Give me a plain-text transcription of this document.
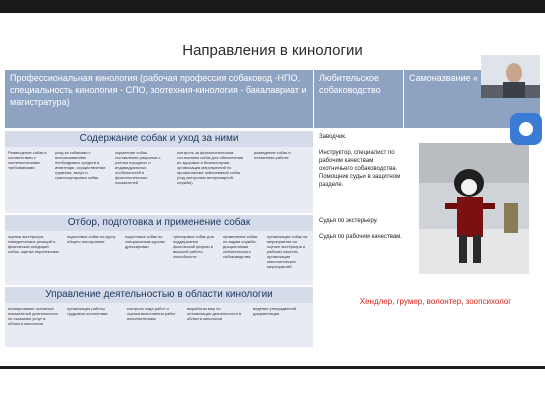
Направления в кинологии
Профессиональная кинология (рабочая профессия собаковод -НПО, специальность кинология - СПО, зоотехния-кинология - бакалавриат и магистратура)
Любительское собаководство
Самоназвание «
Содержание собак и уход за ними
Размещение собак в соответствии с зоотехническими требованиями
уход за собаками с использованием необходимых средств и инвентаря, осуществлении груминга, выгул и транспортировка собак
кормление собак, составление рационов с учетом породных и индивидуальных особенностей и физиологических показателей
контроль за физиологическим состоянием собак для обеспечения их здоровья и благополучия, организация мероприятий по профилактике заболеваний собак (под контролем ветеринарной службы)
разведение собак и племенная работа
Заводчик.

Инструктор, специалист по рабочим качествам охотничьего собаководства. Помощник судьи в защитном разделе.
Отбор, подготовка и применение собак
оценка экстерьера, поведенческих реакций и физических кондиций собак, оценка перспективы
подготовка собак по курсу общего послушания
подготовка собак по специальным курсам дрессировки
тренировка собак для поддержания физической формы и высокой работо-способности
применение собак по видам службы, дисциплинам любительского собаководства
организация собак на мероприятия по оценке экстерьера и рабочих качеств, организация кинологических мероприятий
Судья по экстерьеру.

Судья по рабочим качествам.
Управление деятельностью в области кинологии
планирование основных показателей деятельности по оказанию услуг в области кинологии
организация работы трудового коллектива
контроль хода работ и оценка выполнения работ исполнителями
выработка мер по оптимизации деятельности в области кинологии
ведение утвержденной документации
Хендлер, грумер, волонтер, зоопсихолог
